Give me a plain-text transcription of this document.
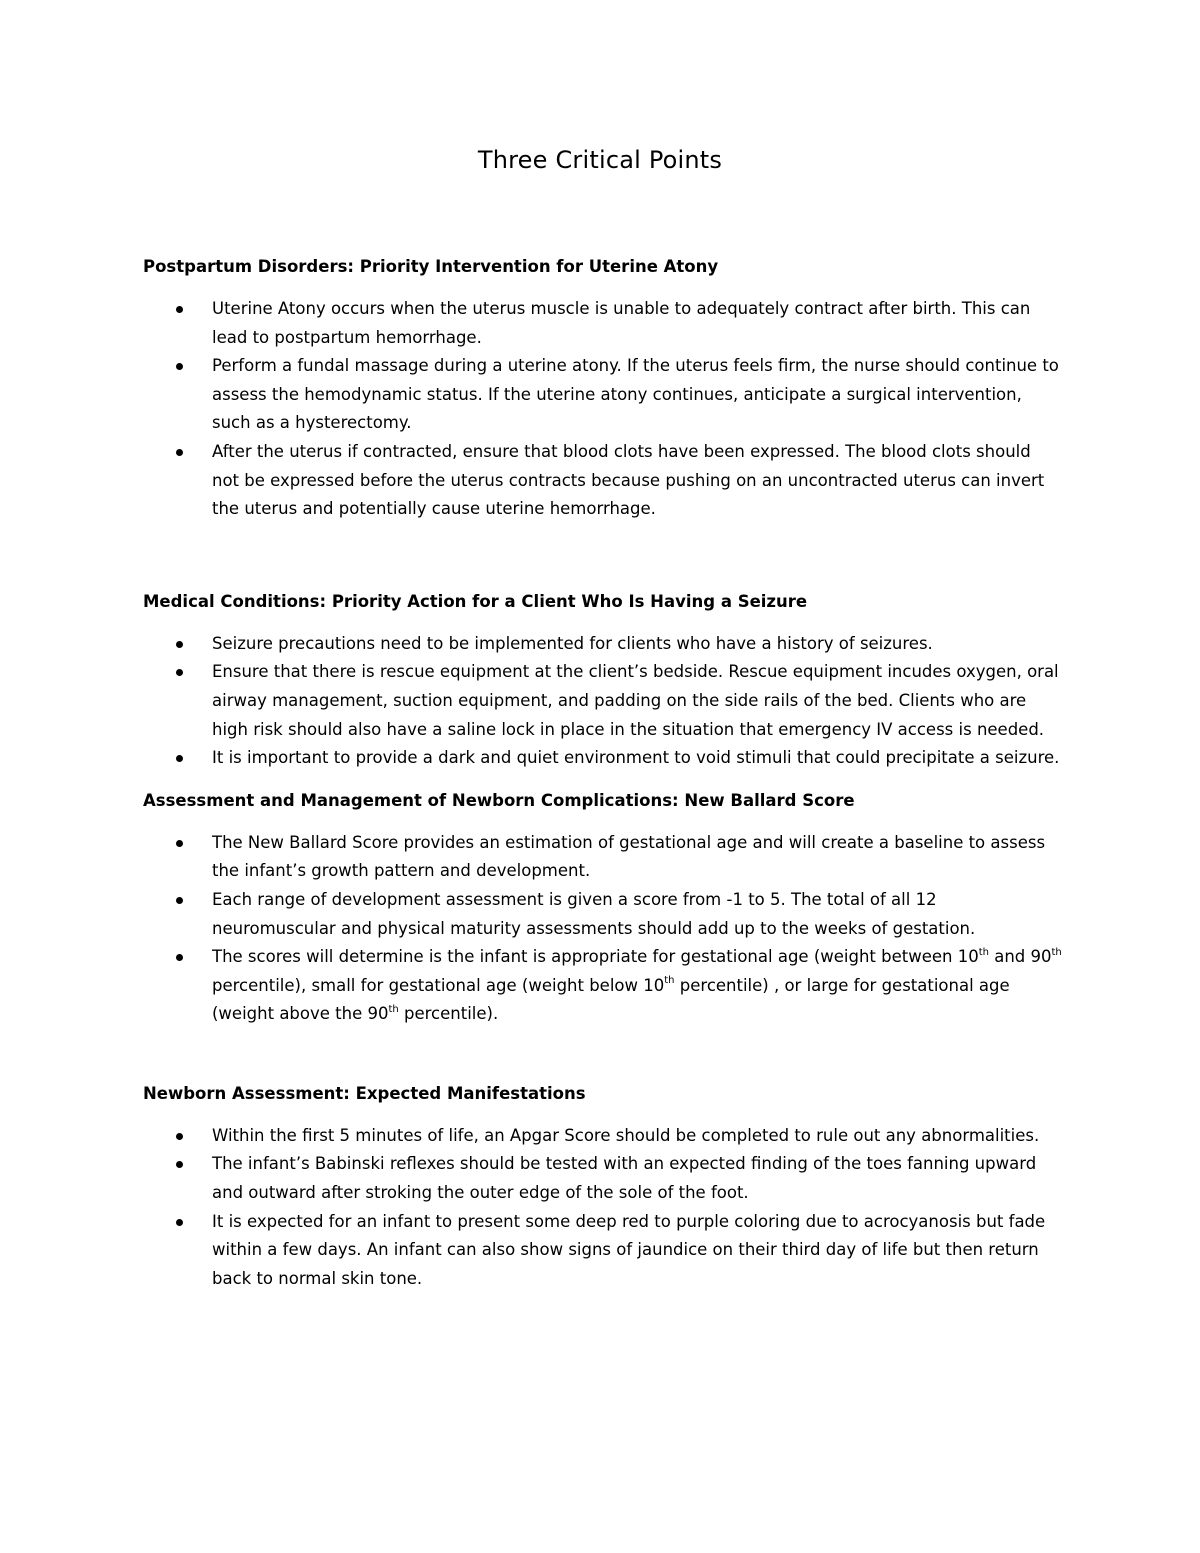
Three Critical Points
Postpartum Disorders: Priority Intervention for Uterine Atony
Uterine Atony occurs when the uterus muscle is unable to adequately contract after birth. This can lead to postpartum hemorrhage.
Perform a fundal massage during a uterine atony. If the uterus feels firm, the nurse should continue to assess the hemodynamic status. If the uterine atony continues, anticipate a surgical intervention, such as a hysterectomy.
After the uterus if contracted, ensure that blood clots have been expressed. The blood clots should not be expressed before the uterus contracts because pushing on an uncontracted uterus can invert the uterus and potentially cause uterine hemorrhage.
Medical Conditions: Priority Action for a Client Who Is Having a Seizure
Seizure precautions need to be implemented for clients who have a history of seizures.
Ensure that there is rescue equipment at the client’s bedside. Rescue equipment incudes oxygen, oral airway management, suction equipment, and padding on the side rails of the bed. Clients who are high risk should also have a saline lock in place in the situation that emergency IV access is needed.
It is important to provide a dark and quiet environment to void stimuli that could precipitate a seizure.
Assessment and Management of Newborn Complications: New Ballard Score
The New Ballard Score provides an estimation of gestational age and will create a baseline to assess the infant’s growth pattern and development.
Each range of development assessment is given a score from -1 to 5. The total of all 12 neuromuscular and physical maturity assessments should add up to the weeks of gestation.
The scores will determine is the infant is appropriate for gestational age (weight between 10th and 90th percentile), small for gestational age (weight below 10th percentile) , or large for gestational age (weight above the 90th percentile).
Newborn Assessment: Expected Manifestations
Within the first 5 minutes of life, an Apgar Score should be completed to rule out any abnormalities.
The infant’s Babinski reflexes should be tested with an expected finding of the toes fanning upward and outward after stroking the outer edge of the sole of the foot.
It is expected for an infant to present some deep red to purple coloring due to acrocyanosis but fade within a few days. An infant can also show signs of jaundice on their third day of life but then return back to normal skin tone.
